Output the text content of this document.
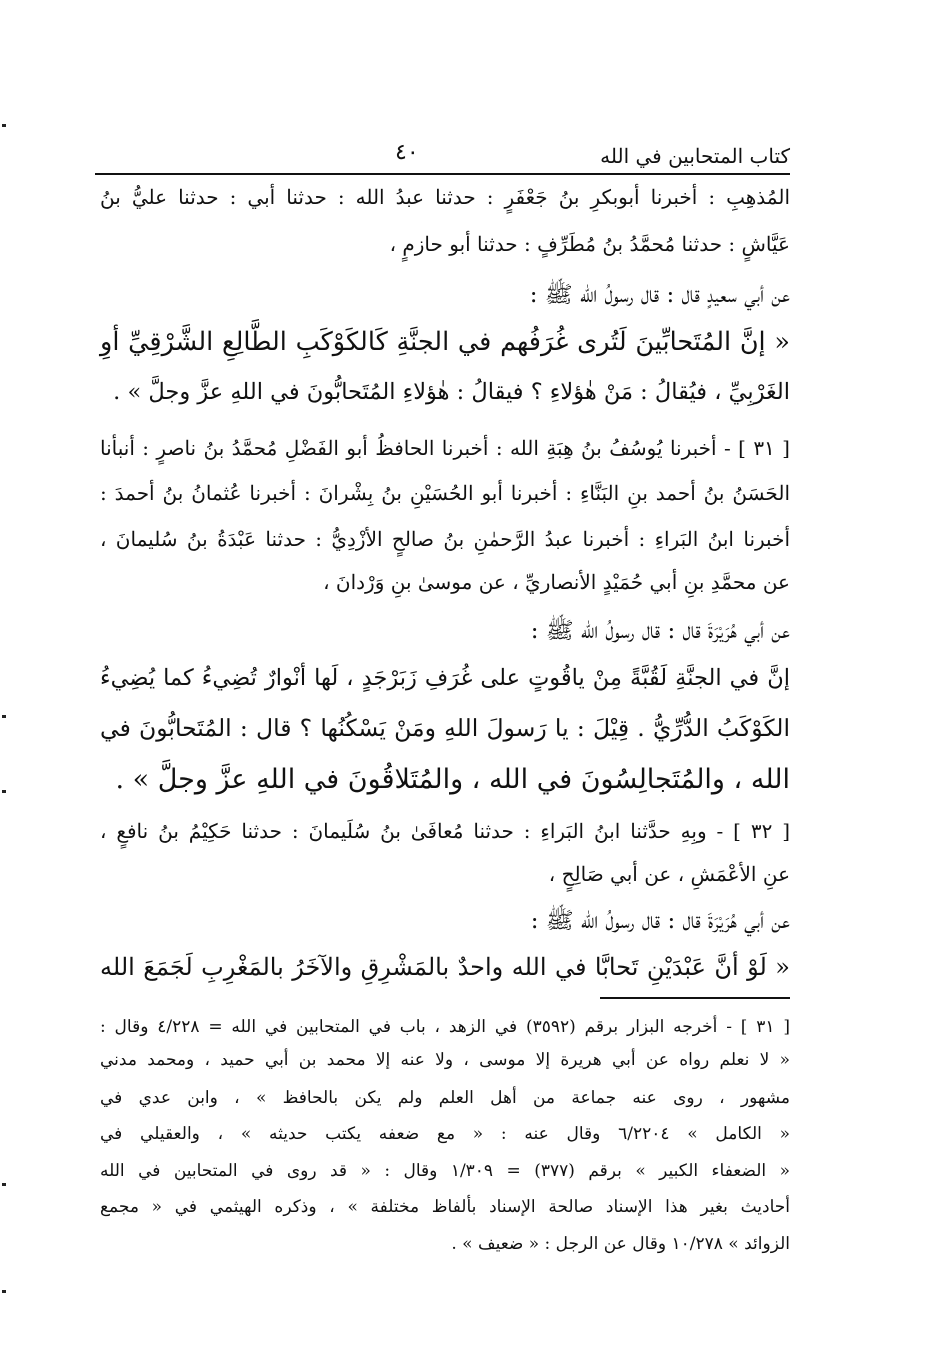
كتاب المتحابين في الله
٤٠
المُذهِبِ : أخبرنا أبوبكرِ بنُ جَعْفَرٍ : حدثنا عبدُ الله : حدثنا أبي : حدثنا عليُّ بنُ
عَيَّاشٍ : حدثنا مُحمَّدُ بنُ مُطَرِّفٍ : حدثنا أبو حازمٍ ،
عن أبي سعيدٍ قال : قال رسولُ الله ﷺ :
« إنَّ المُتَحابِّينَ لَتُرى غُرَفُهم في الجنَّةِ كَالكَوْكَبِ الطَّالِعِ الشَّرْقِيِّ أوِ
الغَرْبِيِّ ، فيُقالُ : مَنْ هٰؤلاءِ ؟ فيقالُ : هٰؤلاءِ المُتَحابُّونَ في اللهِ عزَّ وجلَّ » .
[ ٣١ ] - أخبرنا يُوسُفُ بنُ هِبَةِ الله : أخبرنا الحافظُ أبو الفَضْلِ مُحمَّدُ بنُ ناصرٍ : أنبأنا
الحَسَنُ بنُ أحمد بنِ البَنَّاءِ : أخبرنا أبو الحُسَيْنِ بنُ بِشْرانَ : أخبرنا عُثمانُ بنُ أحمدَ :
أخبرنا ابنُ البَراءِ : أخبرنا عبدُ الرَّحمٰنِ بنُ صالحٍ الأزْدِيُّ : حدثنا عَبْدَةُ بنُ سُليمانَ ،
عن محمَّدِ بنِ أبي حُمَيْدٍ الأنصاريِّ ، عن موسىٰ بنِ وَرْدانَ ،
عن أبي هُرَيْرَةَ قال : قال رسولُ الله ﷺ :
إنَّ في الجنَّةِ لَقُبَّةً مِنْ ياقُوتٍ على غُرَفِ زَبَرْجَدٍ ، لَها أنْوارٌ تُضِيءُ كما يُضِيءُ
الكَوْكَبُ الدُّرِّيُّ . قِيْلَ : يا رَسولَ اللهِ ومَنْ يَسْكُنُها ؟ قال : المُتَحابُّونَ في
الله ، والمُتَجالِسُونَ في الله ، والمُتَلاقُونَ في اللهِ عزَّ وجلَّ » .
[ ٣٢ ] - وبِهِ حدَّثنا ابنُ البَراءِ : حدثنا مُعافَىٰ بنُ سُلَيمانَ : حدثنا حَكِيْمُ بنُ نافعٍ ،
عنِ الأعْمَشِ ، عن أبي صَالِحٍ ،
عن أبي هُرَيْرَةَ قال : قال رسولُ الله ﷺ :
« لَوْ أنَّ عَبْدَيْنِ تَحابَّا في الله واحدٌ بالمَشْرِقِ والآخَرُ بالمَغْرِبِ لَجَمَعَ الله
[ ٣١ ] - أخرجه البزار برقم (٣٥٩٢) في الزهد ، باب في المتحابين في الله = ٤/٢٢٨ وقال :
« لا نعلم رواه عن أبي هريرة إلا موسى ، ولا عنه إلا محمد بن أبي حميد ، ومحمد مدني
مشهور ، روى عنه جماعة من أهل العلم ولم يكن بالحافظ » ، وابن عدي في
« الكامل » ٦/٢٢٠٤ وقال عنه : « مع ضعفه يكتب حديثه » ، والعقيلي في
« الضعفاء الكبير » برقم (٣٧٧) = ١/٣٠٩ وقال : « قد روى في المتحابين في الله
أحاديث بغير هذا الإسناد صالحة الإسناد بألفاظ مختلفة » ، وذكره الهيثمي في « مجمع
الزوائد » ١٠/٢٧٨ وقال عن الرجل : « ضعيف » .
